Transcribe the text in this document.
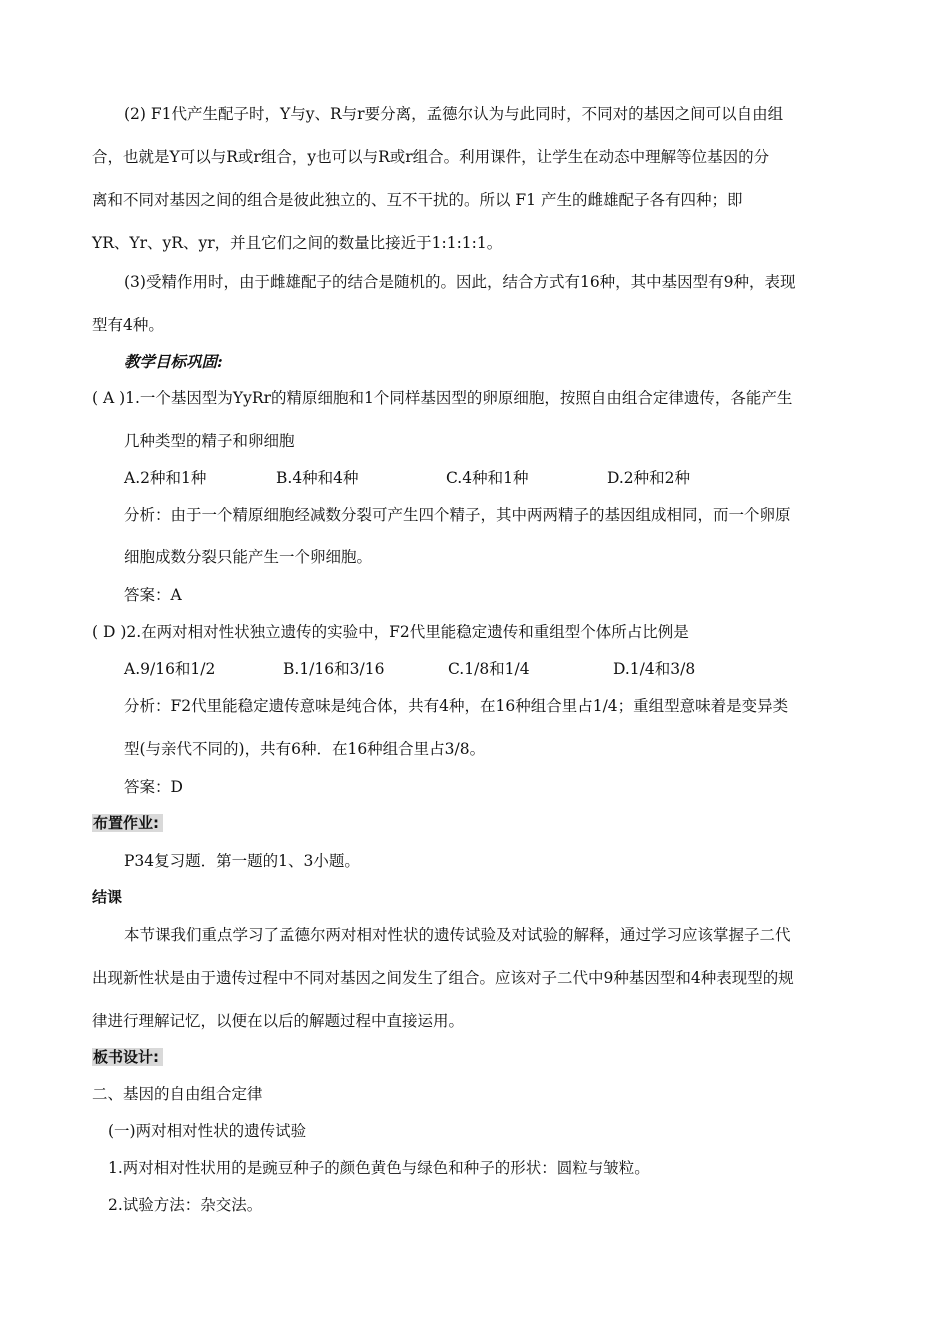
(2) F1代产生配子时，Y与y、R与r要分离，孟德尔认为与此同时，不同对的基因之间可以自由组
合，也就是Y可以与R或r组合，y也可以与R或r组合。利用课件，让学生在动态中理解等位基因的分
离和不同对基因之间的组合是彼此独立的、互不干扰的。所以 F1 产生的雌雄配子各有四种；即
YR、Yr、yR、yr，并且它们之间的数量比接近于1:1:1:1。
(3)受精作用时，由于雌雄配子的结合是随机的。因此，结合方式有16种，其中基因型有9种，表现
型有4种。
教学目标巩固:
( A )1.一个基因型为YyRr的精原细胞和1个同样基因型的卵原细胞，按照自由组合定律遗传，各能产生
几种类型的精子和卵细胞
A.2种和1种	B.4种和4种	C.4种和1种	D.2种和2种
分析：由于一个精原细胞经减数分裂可产生四个精子，其中两两精子的基因组成相同，而一个卵原
细胞成数分裂只能产生一个卵细胞。
答案：A
( D )2.在两对相对性状独立遗传的实验中，F2代里能稳定遗传和重组型个体所占比例是
A.9/16和1/2	B.1/16和3/16	C.1/8和1/4	D.1/4和3/8
分析：F2代里能稳定遗传意味是纯合体，共有4种，在16种组合里占1/4；重组型意味着是变异类
型(与亲代不同的)，共有6种．在16种组合里占3/8。
答案：D
布置作业:
P34复习题．第一题的1、3小题。
结课
本节课我们重点学习了孟德尔两对相对性状的遗传试验及对试验的解释，通过学习应该掌握子二代
出现新性状是由于遗传过程中不同对基因之间发生了组合。应该对子二代中9种基因型和4种表现型的规
律进行理解记忆，以便在以后的解题过程中直接运用。
板书设计:
二、基因的自由组合定律
(一)两对相对性状的遗传试验
1.两对相对性状用的是豌豆种子的颜色黄色与绿色和种子的形状：圆粒与皱粒。
2.试验方法：杂交法。
